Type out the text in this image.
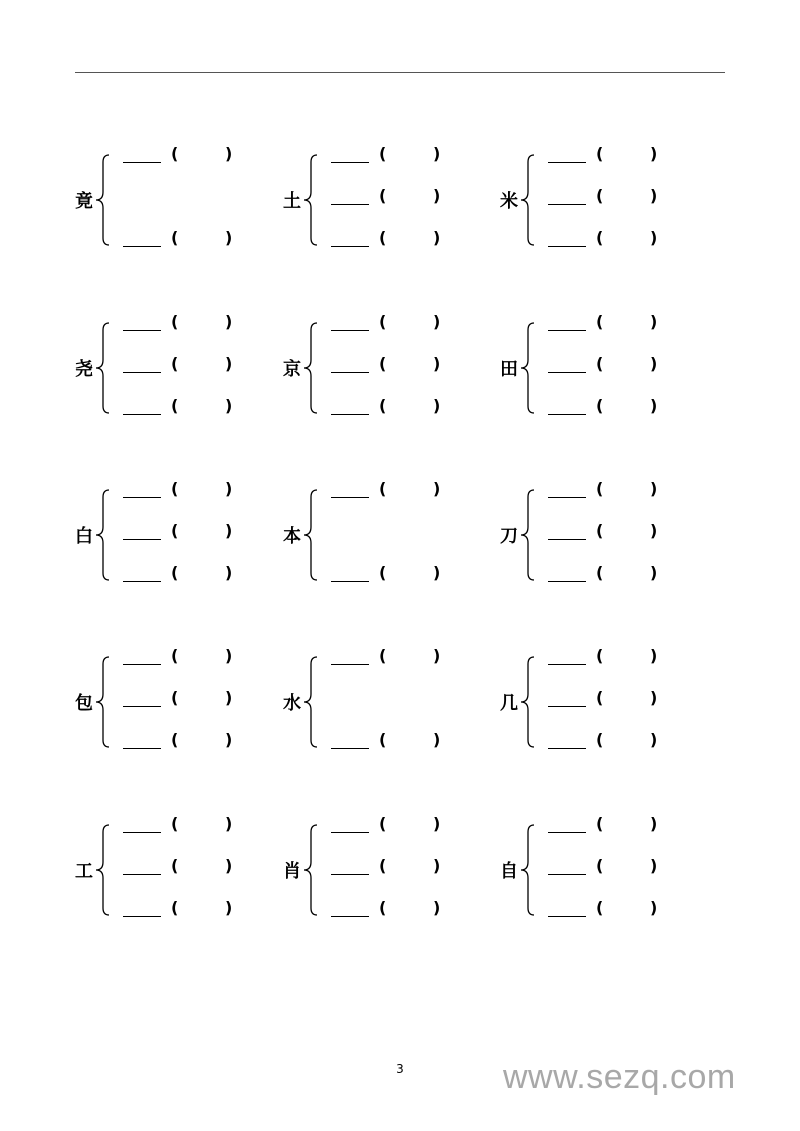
竟
(	)
(	)
土
(	)
(	)
(	)
米
(	)
(	)
(	)
尧
(	)
(	)
(	)
京
(	)
(	)
(	)
田
(	)
(	)
(	)
白
(	)
(	)
(	)
本
(	)
(	)
刀
(	)
(	)
(	)
包
(	)
(	)
(	)
水
(	)
(	)
几
(	)
(	)
(	)
工
(	)
(	)
(	)
肖
(	)
(	)
(	)
自
(	)
(	)
(	)
3	www.sezq.com
